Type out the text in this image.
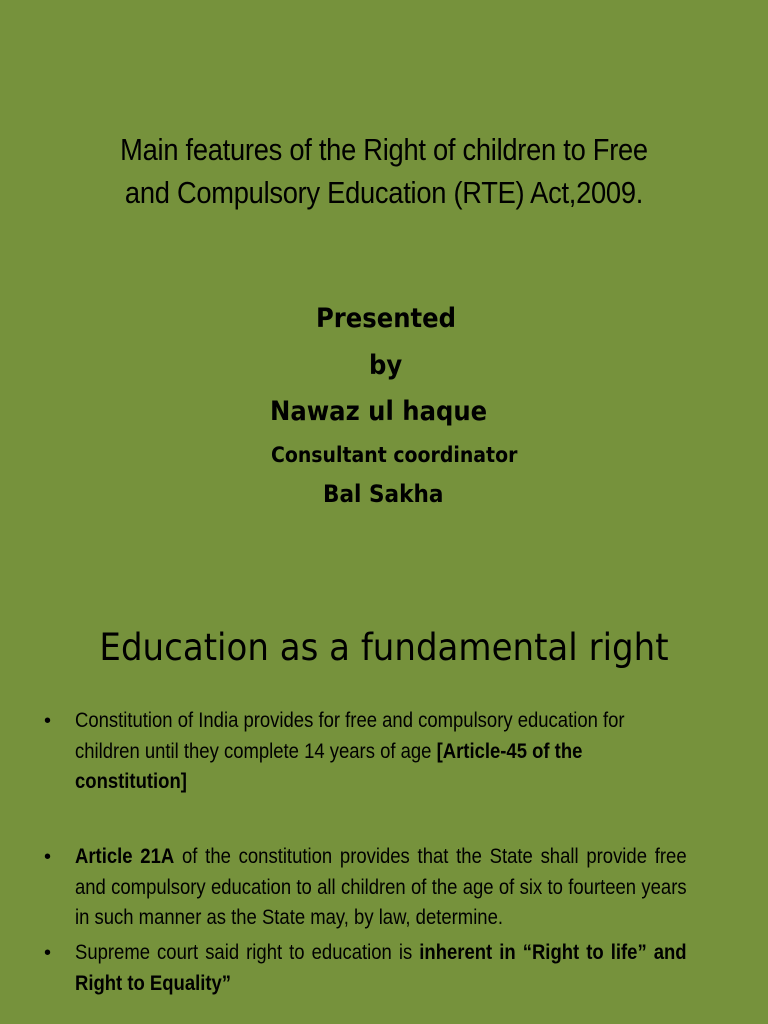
Main features of the Right of children to Free
and Compulsory Education (RTE) Act,2009.
Presented
by
Nawaz ul haque
Consultant coordinator
Bal Sakha
Education as a fundamental right
• Constitution of India provides for free and compulsory education for children until they complete 14 years of age [Article-45 of the constitution]
• Article 21A of the constitution provides that the State shall provide free and compulsory education to all children of the age of six to fourteen years in such manner as the State may, by law, determine.
• Supreme court said right to education is inherent in “Right to life” and Right to Equality”
